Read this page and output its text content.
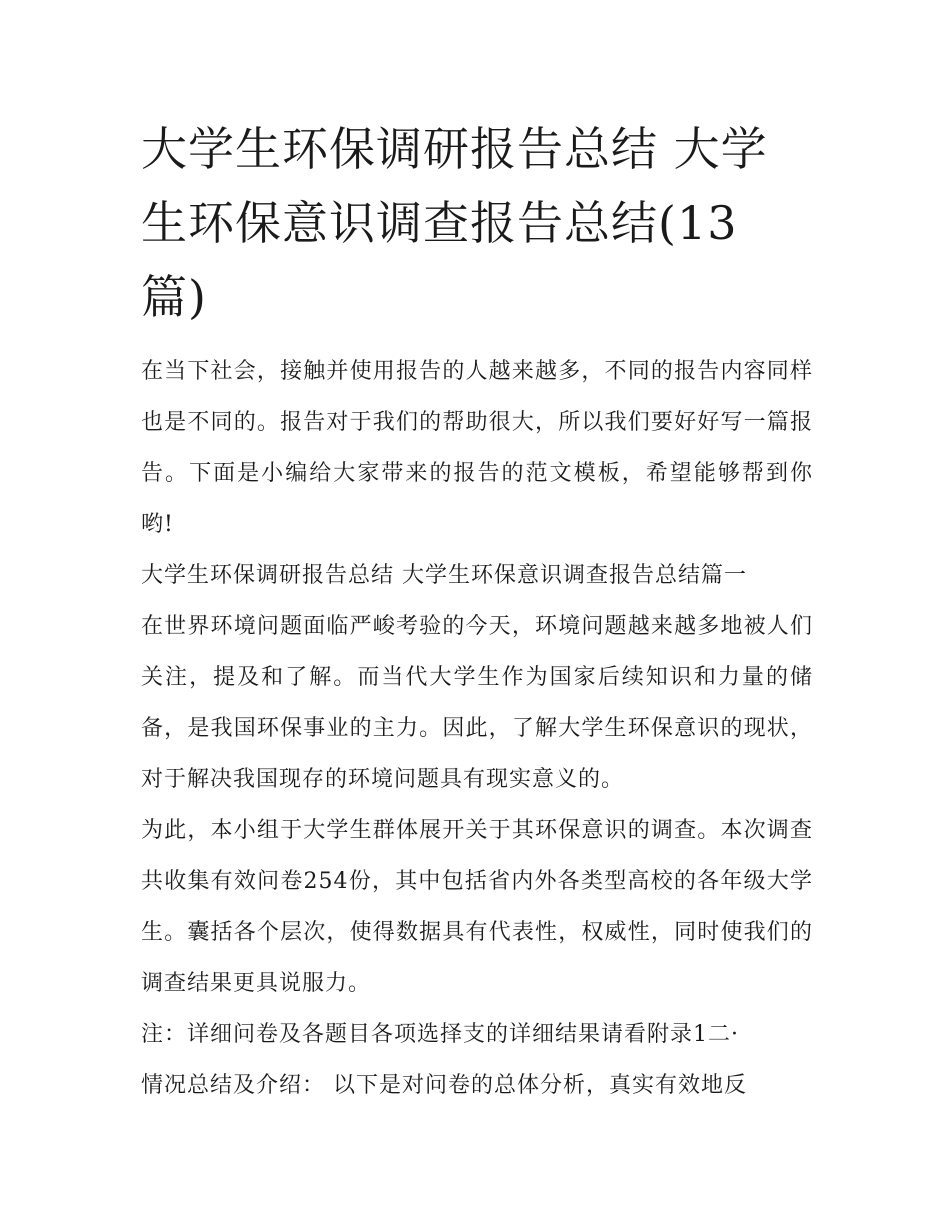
大学生环保调研报告总结 大学
生环保意识调查报告总结(13
篇)

在当下社会，接触并使用报告的人越来越多，不同的报告内容同样也是不同的。报告对于我们的帮助很大，所以我们要好好写一篇报告。下面是小编给大家带来的报告的范文模板，希望能够帮到你哟!

大学生环保调研报告总结 大学生环保意识调查报告总结篇一

在世界环境问题面临严峻考验的今天，环境问题越来越多地被人们关注，提及和了解。而当代大学生作为国家后续知识和力量的储备，是我国环保事业的主力。因此，了解大学生环保意识的现状，对于解决我国现存的环境问题具有现实意义的。

为此，本小组于大学生群体展开关于其环保意识的调查。本次调查共收集有效问卷254份，其中包括省内外各类型高校的各年级大学生。囊括各个层次，使得数据具有代表性，权威性，同时使我们的调查结果更具说服力。

注：详细问卷及各题目各项选择支的详细结果请看附录1二·

情况总结及介绍： 以下是对问卷的总体分析，真实有效地反
